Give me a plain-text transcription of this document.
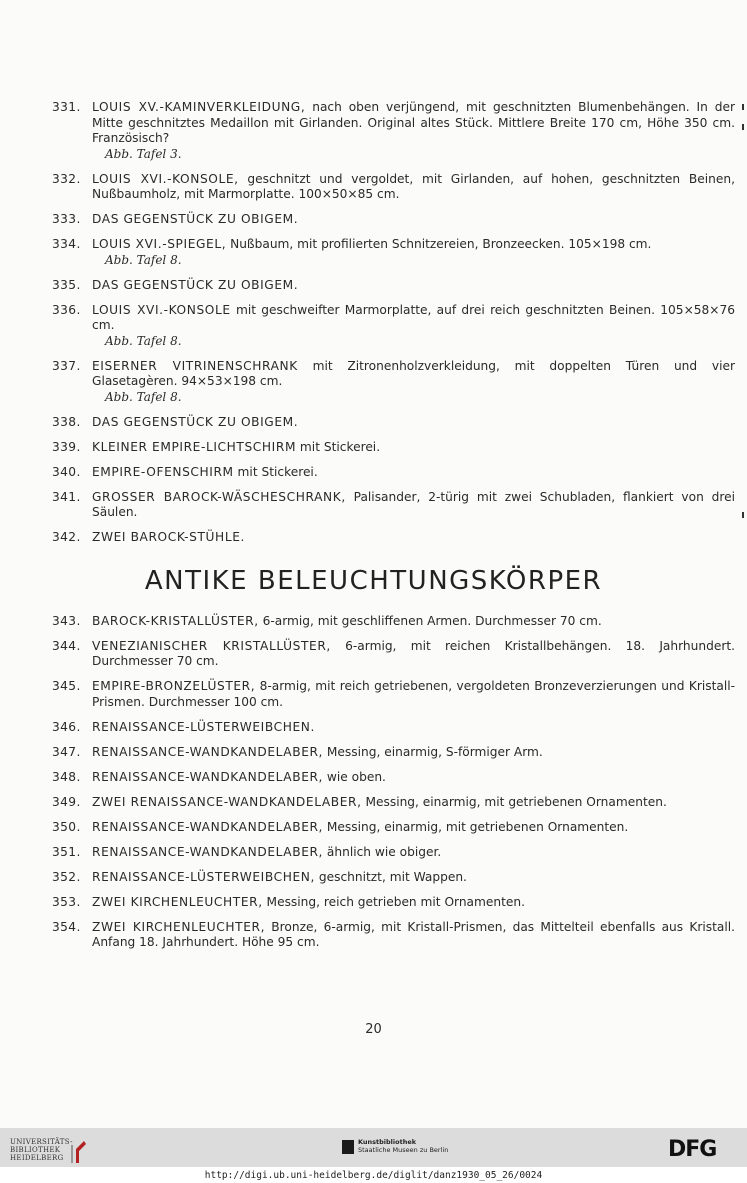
331. LOUIS XV.-KAMINVERKLEIDUNG, nach oben verjüngend, mit geschnitzten Blumenbehängen. In der Mitte geschnitztes Medaillon mit Girlanden. Original altes Stück. Mittlere Breite 170 cm, Höhe 350 cm. Französisch?
Abb. Tafel 3.
332. LOUIS XVI.-KONSOLE, geschnitzt und vergoldet, mit Girlanden, auf hohen, geschnitzten Beinen, Nußbaumholz, mit Marmorplatte. 100×50×85 cm.
333. DAS GEGENSTÜCK ZU OBIGEM.
334. LOUIS XVI.-SPIEGEL, Nußbaum, mit profilierten Schnitzereien, Bronzeecken. 105×198 cm.
Abb. Tafel 8.
335. DAS GEGENSTÜCK ZU OBIGEM.
336. LOUIS XVI.-KONSOLE mit geschweifter Marmorplatte, auf drei reich geschnitzten Beinen. 105×58×76 cm.
Abb. Tafel 8.
337. EISERNER VITRINENSCHRANK mit Zitronenholzverkleidung, mit doppelten Türen und vier Glasetagèren. 94×53×198 cm.
Abb. Tafel 8.
338. DAS GEGENSTÜCK ZU OBIGEM.
339. KLEINER EMPIRE-LICHTSCHIRM mit Stickerei.
340. EMPIRE-OFENSCHIRM mit Stickerei.
341. GROSSER BAROCK-WÄSCHESCHRANK, Palisander, 2-türig mit zwei Schubladen, flankiert von drei Säulen.
342. ZWEI BAROCK-STÜHLE.
ANTIKE BELEUCHTUNGSKÖRPER
343. BAROCK-KRISTALLÜSTER, 6-armig, mit geschliffenen Armen. Durchmesser 70 cm.
344. VENEZIANISCHER KRISTALLÜSTER, 6-armig, mit reichen Kristallbehängen. 18. Jahrhundert. Durchmesser 70 cm.
345. EMPIRE-BRONZELÜSTER, 8-armig, mit reich getriebenen, vergoldeten Bronzeverzierungen und Kristall-Prismen. Durchmesser 100 cm.
346. RENAISSANCE-LÜSTERWEIBCHEN.
347. RENAISSANCE-WANDKANDELABER, Messing, einarmig, S-förmiger Arm.
348. RENAISSANCE-WANDKANDELABER, wie oben.
349. ZWEI RENAISSANCE-WANDKANDELABER, Messing, einarmig, mit getriebenen Ornamenten.
350. RENAISSANCE-WANDKANDELABER, Messing, einarmig, mit getriebenen Ornamenten.
351. RENAISSANCE-WANDKANDELABER, ähnlich wie obiger.
352. RENAISSANCE-LÜSTERWEIBCHEN, geschnitzt, mit Wappen.
353. ZWEI KIRCHENLEUCHTER, Messing, reich getrieben mit Ornamenten.
354. ZWEI KIRCHENLEUCHTER, Bronze, 6-armig, mit Kristall-Prismen, das Mittelteil ebenfalls aus Kristall. Anfang 18. Jahrhundert. Höhe 95 cm.
20
UNIVERSITÄTS-
BIBLIOTHEK
HEIDELBERG
Kunstbibliothek
Staatliche Museen zu Berlin	DFG
http://digi.ub.uni-heidelberg.de/diglit/danz1930_05_26/0024
